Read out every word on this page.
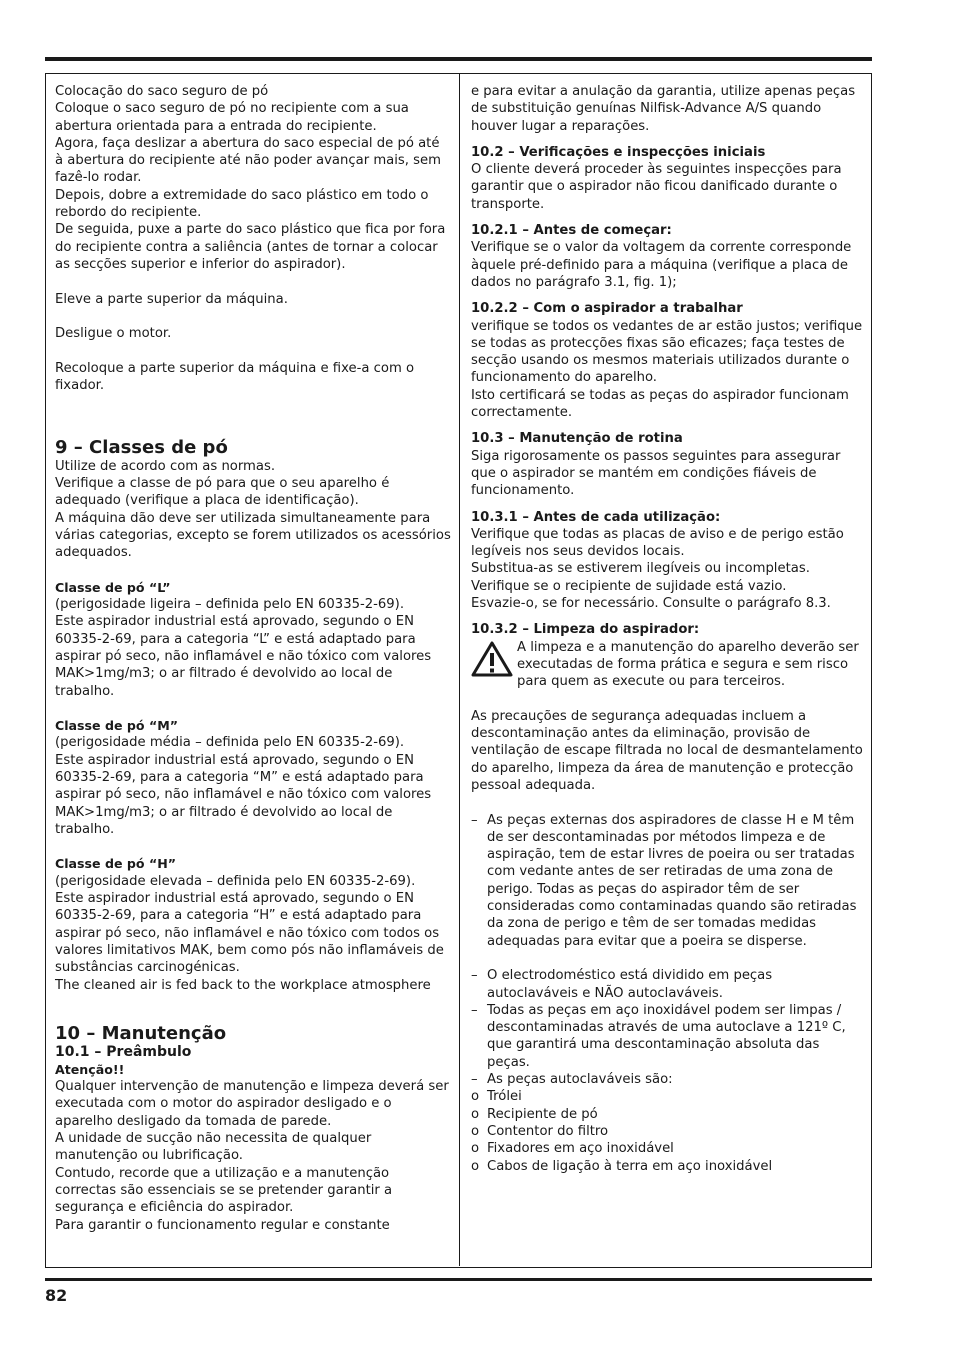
Colocação do saco seguro de pó
Coloque o saco seguro de pó no recipiente com a sua abertura orientada para a entrada do recipiente.
Agora, faça deslizar a abertura do saco especial de pó até à abertura do recipiente até não poder avançar mais, sem fazê-lo rodar.
Depois, dobre a extremidade do saco plástico em todo o rebordo do recipiente.
De seguida, puxe a parte do saco plástico que fica por fora do recipiente contra a saliência (antes de tornar a colocar as secções superior e inferior do aspirador).

Eleve a parte superior da máquina.

Desligue o motor.

Recoloque a parte superior da máquina e fixe-a com o fixador.

9 – Classes de pó

Utilize de acordo com as normas.
Verifique a classe de pó para que o seu aparelho é adequado (verifique a placa de identificação).
A máquina dão deve ser utilizada simultaneamente para várias categorias, excepto se forem utilizados os acessórios adequados.

Classe de pó “L”

(perigosidade ligeira – definida pelo EN 60335-2-69).
Este aspirador industrial está aprovado, segundo o EN 60335-2-69, para a categoria “L” e está adaptado para aspirar pó seco, não inflamável e não tóxico com valores MAK>1mg/m3; o ar filtrado é devolvido ao local de trabalho.

Classe de pó “M”

(perigosidade média – definida pelo EN 60335-2-69).
Este aspirador industrial está aprovado, segundo o EN 60335-2-69, para a categoria “M” e está adaptado para aspirar pó seco, não inflamável e não tóxico com valores MAK>1mg/m3; o ar filtrado é devolvido ao local de trabalho.

Classe de pó “H”

(perigosidade elevada – definida pelo EN 60335-2-69).
Este aspirador industrial está aprovado, segundo o EN 60335-2-69, para a categoria “H” e está adaptado para aspirar pó seco, não inflamável e não tóxico com todos os valores limitativos MAK, bem como pós não inflamáveis de substâncias carcinogénicas.
The cleaned air is fed back to the workplace atmosphere

10 – Manutenção
10.1 – Preâmbulo
Atenção!!

Qualquer intervenção de manutenção e limpeza deverá ser executada com o motor do aspirador desligado e o aparelho desligado da tomada de parede.
A unidade de sucção não necessita de qualquer manutenção ou lubrificação.
Contudo, recorde que a utilização e a manutenção correctas são essenciais se se pretender garantir a segurança e eficiência do aspirador.
Para garantir o funcionamento regular e constante

e para evitar a anulação da garantia, utilize apenas peças de substituição genuínas Nilfisk-Advance A/S quando houver lugar a reparações.

10.2 – Verificações e inspecções iniciais

O cliente deverá proceder às seguintes inspecções para garantir que o aspirador não ficou danificado durante o transporte.

10.2.1 – Antes de começar:

Verifique se o valor da voltagem da corrente corresponde àquele pré-definido para a máquina (verifique a placa de dados no parágrafo 3.1, fig. 1);

10.2.2 – Com o aspirador a trabalhar

verifique se todos os vedantes de ar estão justos; verifique se todas as protecções fixas são eficazes; faça testes de secção usando os mesmos materiais utilizados durante o funcionamento do aparelho.
Isto certificará se todas as peças do aspirador funcionam correctamente.

10.3 – Manutenção de rotina

Siga rigorosamente os passos seguintes para assegurar que o aspirador se mantém em condições fiáveis de funcionamento.

10.3.1 – Antes de cada utilização:

Verifique que todas as placas de aviso e de perigo estão legíveis nos seus devidos locais.
Substitua-as se estiverem ilegíveis ou incompletas.
Verifique se o recipiente de sujidade está vazio.
Esvazie-o, se for necessário. Consulte o parágrafo 8.3.

10.3.2 – Limpeza do aspirador:
A limpeza e a manutenção do aparelho deverão ser executadas de forma prática e segura e sem risco para quem as execute ou para terceiros.

As precauções de segurança adequadas incluem a descontaminação antes da eliminação, provisão de ventilação de escape filtrada no local de desmantelamento do aparelho, limpeza da área de manutenção e protecção pessoal adequada.

– As peças externas dos aspiradores de classe H e M têm de ser descontaminadas por métodos limpeza e de aspiração, tem de estar livres de poeira ou ser tratadas com vedante antes de ser retiradas de uma zona de perigo. Todas as peças do aspirador têm de ser consideradas como contaminadas quando são retiradas da zona de perigo e têm de ser tomadas medidas adequadas para evitar que a poeira se disperse.
– O electrodoméstico está dividido em peças autoclaváveis e NÃO autoclaváveis.
– Todas as peças em aço inoxidável podem ser limpas / descontaminadas através de uma autoclave a 121º C, que garantirá uma descontaminação absoluta das peças.
– As peças autoclaváveis são:
o Trólei
o Recipiente de pó
o Contentor do filtro
o Fixadores em aço inoxidável
o Cabos de ligação à terra em aço inoxidável
82
